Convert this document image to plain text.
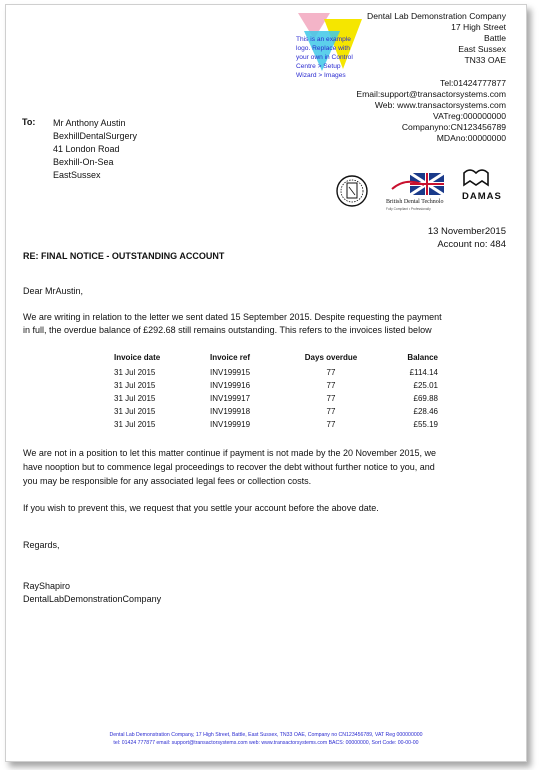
This is an example
logo. Replace with
your own in Control
Centre > Setup
Wizard > Images
Dental Lab Demonstration Company
17 High Street
Battle
East Sussex
TN33 OAE
Tel:01424777877
Email:support@transactorsystems.com
Web: www.transactorsystems.com
VATreg:000000000
Companyno:CN123456789
MDAno:00000000
To: Mr Anthony Austin
BexhillDentalSurgery
41 London Road
Bexhill-On-Sea
EastSussex
British Dental Technolo
Fully Compliant • Professionally
DAMAS
13 November2015
Account no: 484
RE: FINAL NOTICE - OUTSTANDING ACCOUNT
Dear MrAustin,
We are writing in relation to the letter we sent dated 15 September 2015. Despite requesting the payment
in full, the overdue balance of £292.68 still remains outstanding. This refers to the invoices listed below
Invoice date	Invoice ref	Days overdue	Balance
31 Jul 2015	INV199915	77	£114.14
31 Jul 2015	INV199916	77	£25.01
31 Jul 2015	INV199917	77	£69.88
31 Jul 2015	INV199918	77	£28.46
31 Jul 2015	INV199919	77	£55.19
We are not in a position to let this matter continue if payment is not made by the 20 November 2015, we
have nooption but to commence legal proceedings to recover the debt without further notice to you, and
you may be responsible for any associated legal fees or collection costs.
If you wish to prevent this, we request that you settle your account before the above date.
Regards,
RayShapiro
DentalLabDemonstrationCompany
Dental Lab Demonstration Company, 17 High Street, Battle, East Sussex, TN33 OAE, Company no CN123456789, VAT Reg 000000000
tel: 01424 777877 email: support@transactorsystems.com web: www.transactorsystems.com BACS: 00000000, Sort Code: 00-00-00
